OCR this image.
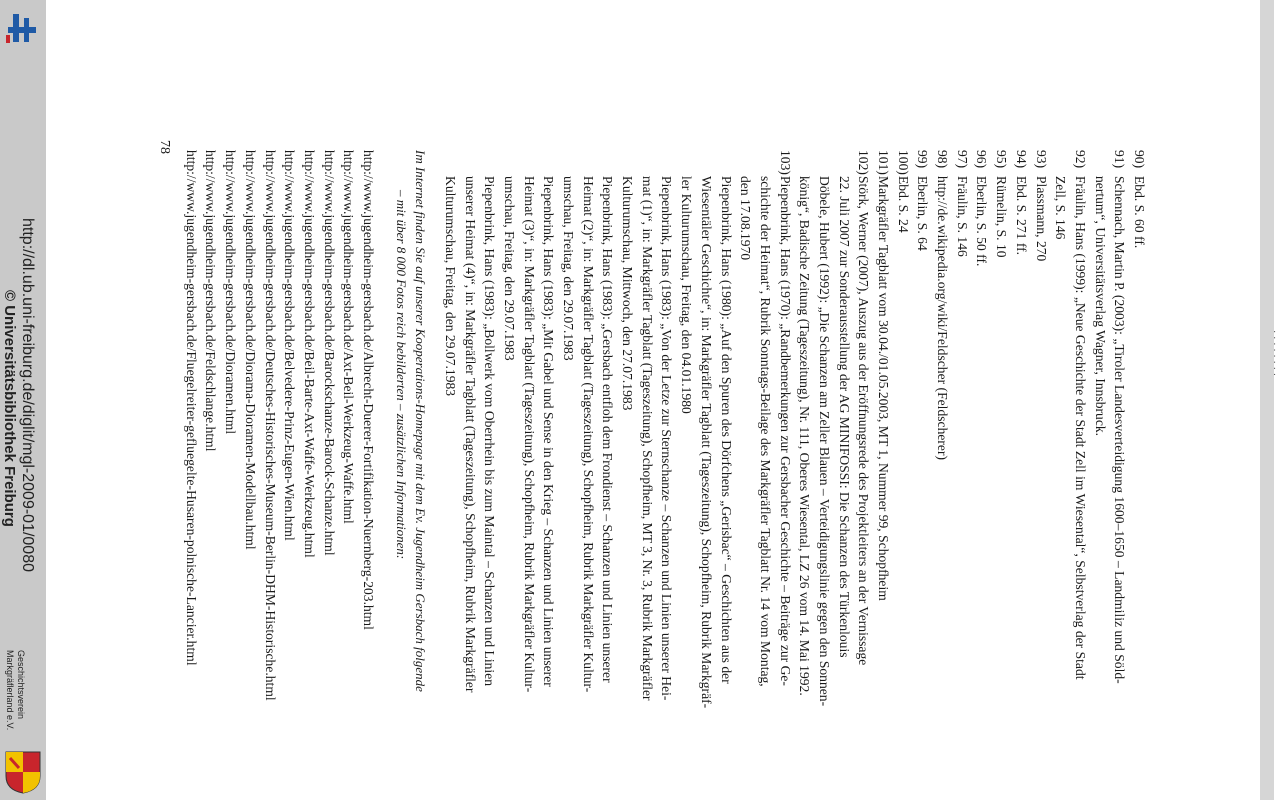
90)Ebd. S. 60 ff.
91)Schennach, Martin P. (2003): „Tiroler Landesverteidigung 1600–1650 – Landmiliz und Söld-
nertum“, Universitätsverlag Wagner, Innsbruck.
92)Fräulin, Hans (1999): „Neue Geschichte der Stadt Zell im Wiesental“, Selbstverlag der Stadt
Zell, S. 146
93)Plassmann, 270
94)Ebd. S. 271 ff.
95)Rümelin, S. 10
96)Eberlin, S. 50 ff.
97)Fräulin, S. 146
98)http://de.wikipedia.org/wiki/Feldscher (Feldscherer)
99)Eberlin, S. 64
100)Ebd. S. 24
101)Markgräfler Tagblatt vom 30.04./01.05.2003, MT 1, Nummer 99, Schopfheim
102)Störk, Werner (2007), Auszug aus der Eröffnungsrede des Projektleiters an der Vernissage
22. Juli 2007 zur Sonderausstellung der AG MINIFOSSI: Die Schanzen des Türkenlouis
Döbele, Hubert (1992): „Die Schanzen am Zeller Blauen – Verteidigungslinie gegen den Sonnen-
könig“, Badische Zeitung (Tageszeitung), Nr. 111, Oberes Wiesental, LZ 26 vom 14. Mai 1992.
103)Piepenbrink, Hans (1970): „Randbemerkungen zur Gersbacher Geschichte – Beiträge zur Ge-
schichte der Heimat“, Rubrik Sonntags-Beilage des Markgräfler Tagblatt Nr. 14 vom Montag,
den 17.08.1970
Piepenbrink, Hans (1980): „Auf den Spuren des Dörfchens „Gerisbac“ – Geschichten aus der
Wiesentäler Geschichte“, in: Markgräfler Tagblatt (Tageszeitung), Schopfheim, Rubrik Markgräf-
ler Kulturumschau, Freitag, den 04.01.1980
Piepenbrink, Hans (1983): „Von der Letze zur Sternschanze – Schanzen und Linien unserer Hei-
mat (1)“, in: Markgräfler Tagblatt (Tageszeitung), Schopfheim, MT 3, Nr. 3, Rubrik Markgräfler
Kulturumschau, Mittwoch, den 27.07.1983
Piepenbrink, Hans (1983): „Gersbach entfloh dem Frondienst – Schanzen und Linien unserer
Heimat (2)“, in: Markgräfler Tagblatt (Tageszeitung), Schopfheim, Rubrik Markgräfler Kultur-
umschau, Freitag, den 29.07.1983
Piepenbrink, Hans (1983): „Mit Gabel und Sense in den Krieg – Schanzen und Linien unserer
Heimat (3)“, in: Markgräfler Tagblatt (Tageszeitung), Schopfheim, Rubrik Markgräfler Kultur-
umschau, Freitag, den 29.07.1983
Piepenbrink, Hans (1983): „Bollwerk vom Oberrhein bis zum Maintal – Schanzen und Linien
unserer Heimat (4)“, in: Markgräfler Tagblatt (Tageszeitung), Schopfheim, Rubrik Markgräfler
Kulturumschau, Freitag, den 29.07.1983
Im Internet finden Sie auf unserer Kooperations-Homepage mit dem Ev. Jugendheim Gersbach folgende
– mit über 8 000 Fotos reich bebilderten – zusätzlichen Informationen:
http://www.jugendheim-gersbach.de/Albrecht-Duerer-Fortifikation-Nuernberg-203.html
http://www.jugendheim-gersbach.de/Axt-Beil-Werkzeug-Waffe.html
http://www.jugendheim-gersbach.de/Barockschanze-Barock-Schanze.html
http://www.jugendheim-gersbach.de/Beil-Barte-Axt-Waffe-Werkzeug.html
http://www.jugendheim-gersbach.de/Belvedere-Prinz-Eugen-Wien.html
http://www.jugendheim-gersbach.de/Deutsches-Historisches-Museum-Berlin-DHM-Historische.html
http://www.jugendheim-gersbach.de/Diorama-Dioramen-Modellbau.html
http://www.jugendheim-gersbach.de/Dioramen.html
http://www.jugendheim-gersbach.de/Feldschlange.html
http://www.jugendheim-gersbach.de/Fluegelreiter-gefluegelte-Husaren-polnische-Lancier.html
78
http://dl.ub.uni-freiburg.de/diglit/mgl-2009-01/0080
© Universitätsbibliothek Freiburg
Geschichtsverein
Markgräflerland e.V.
· · · · · · · ·
